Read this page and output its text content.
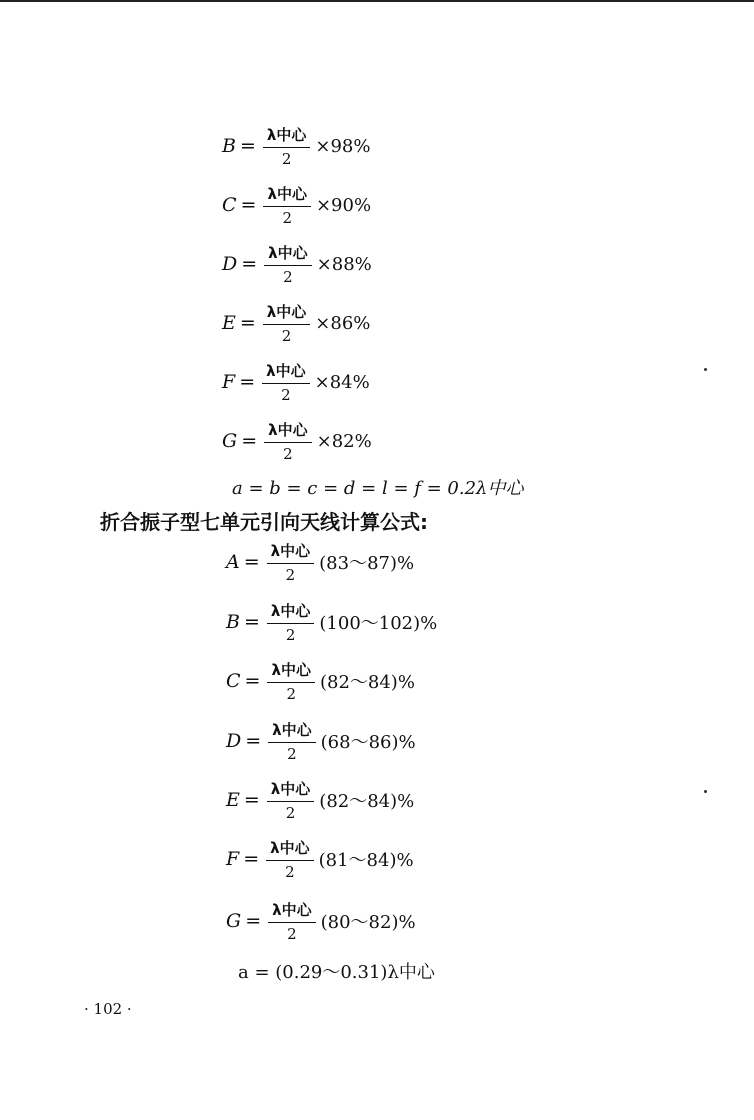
$B = \frac{\text{λ中心}}{2} \times 98\%$
$C = \frac{\text{λ中心}}{2} \times 90\%$
$D = \frac{\text{λ中心}}{2} \times 88\%$
$E = \frac{\text{λ中心}}{2} \times 86\%$
$F = \frac{\text{λ中心}}{2} \times 84\%$
$G = \frac{\text{λ中心}}{2} \times 82\%$
a = b = c = d = l = f = 0.2λ中心
折合振子型七单元引向天线计算公式:
$A = \frac{\text{λ中心}}{2}$ (83～87)%
$B = \frac{\text{λ中心}}{2}$ (100～102)%
$C = \frac{\text{λ中心}}{2}$ (82～84)%
$D = \frac{\text{λ中心}}{2}$ (68～86)%
$E = \frac{\text{λ中心}}{2}$ (82～84)%
$F = \frac{\text{λ中心}}{2}$ (81～84)%
$G = \frac{\text{λ中心}}{2}$ (80～82)%
a = (0.29～0.31)λ中心
· 102 ·
